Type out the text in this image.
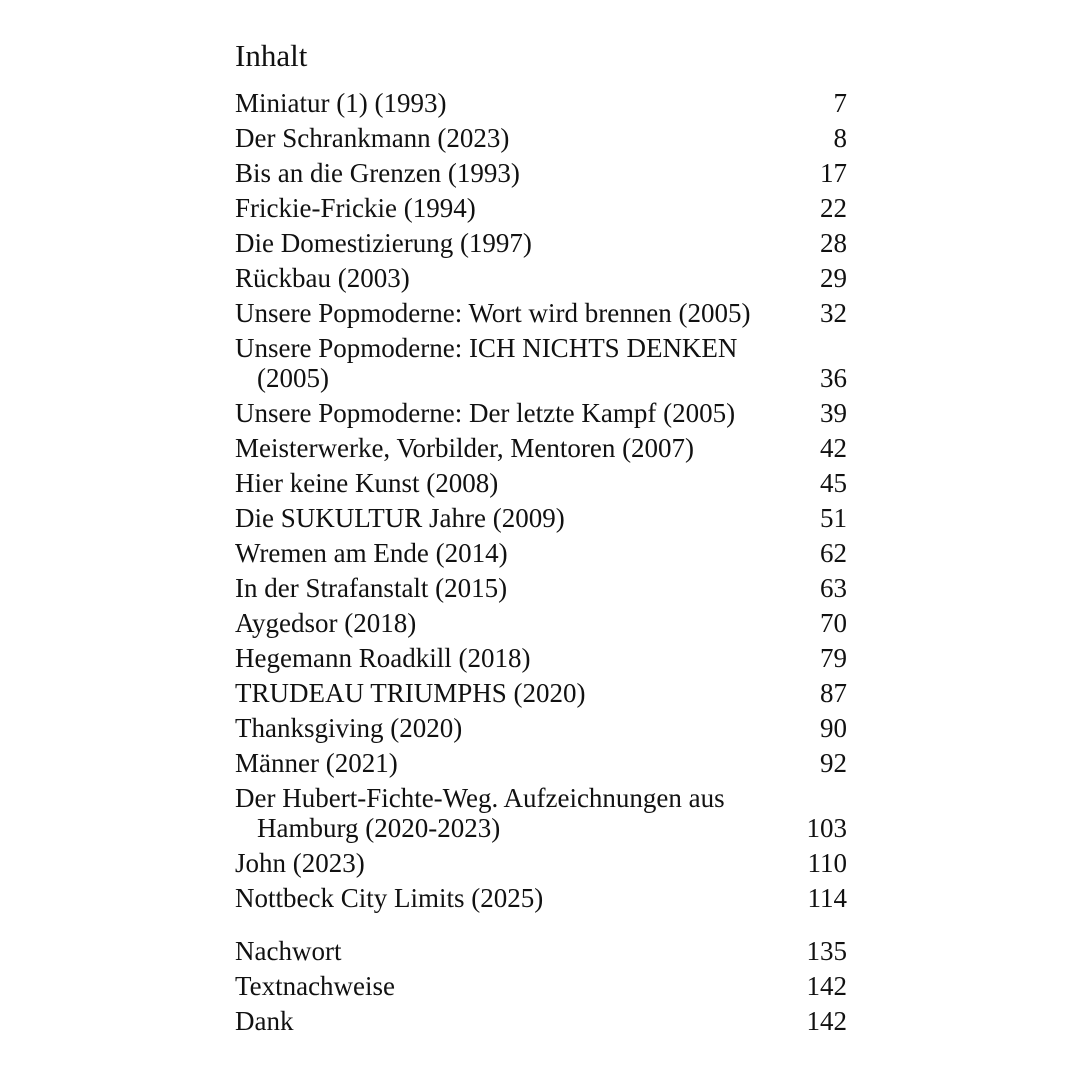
Inhalt
Miniatur (1) (1993)	7
Der Schrankmann (2023)	8
Bis an die Grenzen (1993)	17
Frickie-Frickie (1994)	22
Die Domestizierung (1997)	28
Rückbau (2003)	29
Unsere Popmoderne: Wort wird brennen (2005)	32
Unsere Popmoderne: ICH NICHTS DENKEN (2005)	36
Unsere Popmoderne: Der letzte Kampf (2005)	39
Meisterwerke, Vorbilder, Mentoren (2007)	42
Hier keine Kunst (2008)	45
Die SUKULTUR Jahre (2009)	51
Wremen am Ende (2014)	62
In der Strafanstalt (2015)	63
Aygedsor (2018)	70
Hegemann Roadkill (2018)	79
TRUDEAU TRIUMPHS (2020)	87
Thanksgiving (2020)	90
Männer (2021)	92
Der Hubert-Fichte-Weg. Aufzeichnungen aus Hamburg (2020-2023)	103
John (2023)	110
Nottbeck City Limits (2025)	114
Nachwort	135
Textnachweise	142
Dank	142
